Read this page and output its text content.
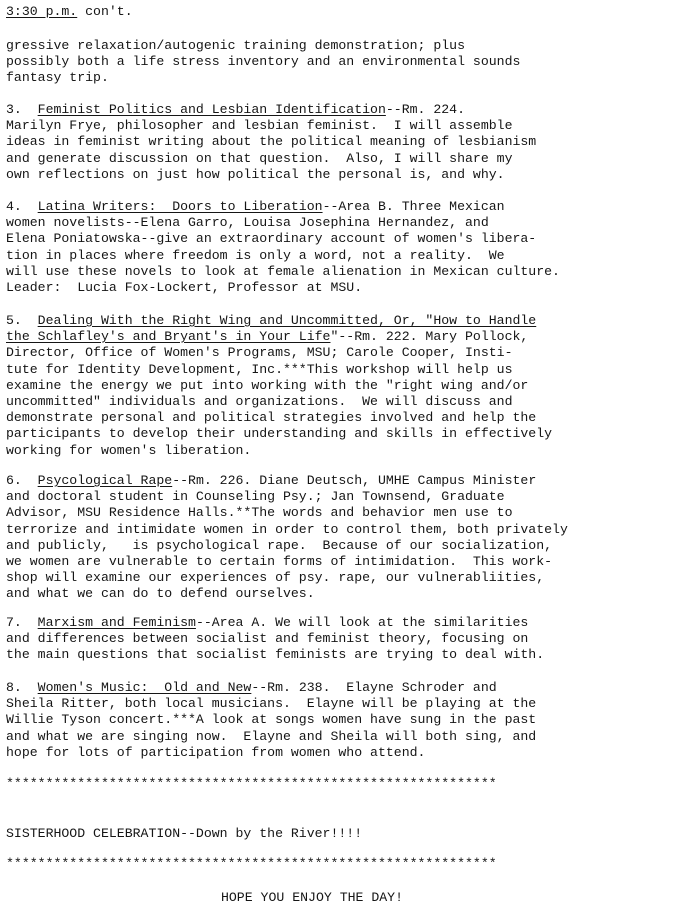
3:30 p.m. con't.
gressive relaxation/autogenic training demonstration; plus
possibly both a life stress inventory and an environmental sounds
fantasy trip.
3. Feminist Politics and Lesbian Identification--Rm. 224.
Marilyn Frye, philosopher and lesbian feminist.  I will assemble
ideas in feminist writing about the political meaning of lesbianism
and generate discussion on that question.  Also, I will share my
own reflections on just how political the personal is, and why.
4. Latina Writers:  Doors to Liberation--Area B. Three Mexican
women novelists--Elena Garro, Louisa Josephina Hernandez, and
Elena Poniatowska--give an extraordinary account of women's libera-
tion in places where freedom is only a word, not a reality.  We
will use these novels to look at female alienation in Mexican culture.
Leader:  Lucia Fox-Lockert, Professor at MSU.
5. Dealing With the Right Wing and Uncommitted, Or, "How to Handle
the Schlafley's and Bryant's in Your Life"--Rm. 222. Mary Pollock,
Director, Office of Women's Programs, MSU; Carole Cooper, Insti-
tute for Identity Development, Inc.***This workshop will help us
examine the energy we put into working with the "right wing and/or
uncommitted" individuals and organizations.  We will discuss and
demonstrate personal and political strategies involved and help the
participants to develop their understanding and skills in effectively
working for women's liberation.
6. Psycological Rape--Rm. 226. Diane Deutsch, UMHE Campus Minister
and doctoral student in Counseling Psy.; Jan Townsend, Graduate
Advisor, MSU Residence Halls.**The words and behavior men use to
terrorize and intimidate women in order to control them, both privately
and publicly,   is psychological rape.  Because of our socialization,
we women are vulnerable to certain forms of intimidation.  This work-
shop will examine our experiences of psy. rape, our vulnerabliities,
and what we can do to defend ourselves.
7. Marxism and Feminism--Area A. We will look at the similarities
and differences between socialist and feminist theory, focusing on
the main questions that socialist feminists are trying to deal with.
8. Women's Music:  Old and New--Rm. 238.  Elayne Schroder and
Sheila Ritter, both local musicians.  Elayne will be playing at the
Willie Tyson concert.***A look at songs women have sung in the past
and what we are singing now.  Elayne and Sheila will both sing, and
hope for lots of participation from women who attend.
**************************************************************
SISTERHOOD CELEBRATION--Down by the River!!!!
**************************************************************
HOPE YOU ENJOY THE DAY!
